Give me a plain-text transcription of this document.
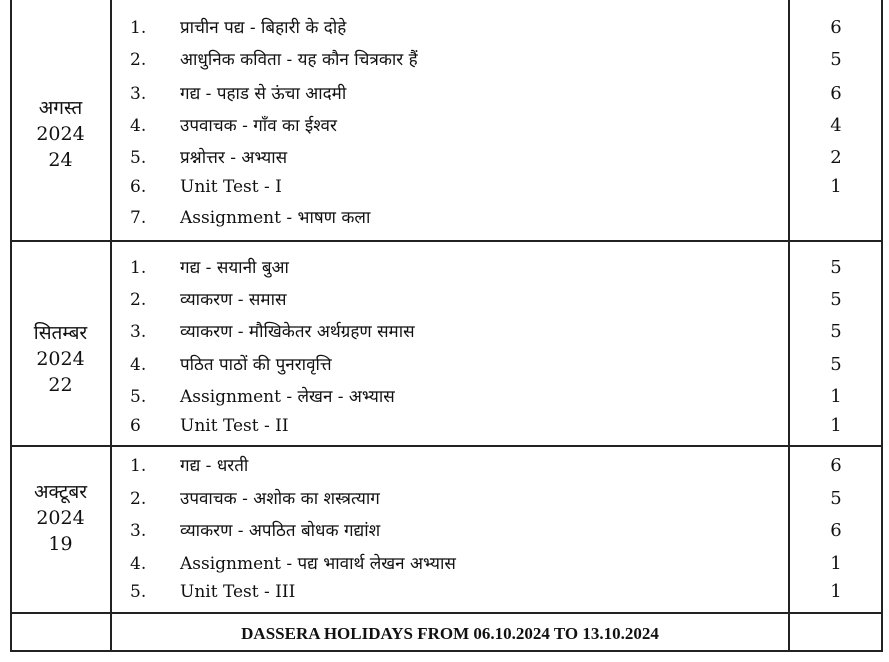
अगस्त
2024
24
1. प्राचीन पद्य - बिहारी के दोहे	6
2. आधुनिक कविता - यह कौन चित्रकार हैं	5
3. गद्य - पहाड से ऊंचा आदमी	6
4. उपवाचक - गाँव का ईश्वर	4
5. प्रश्नोत्तर - अभ्यास	2
6. Unit Test - I	1
7. Assignment - भाषण कला
सितम्बर
2024
22
1. गद्य - सयानी बुआ	5
2. व्याकरण - समास	5
3. व्याकरण - मौखिकेतर अर्थग्रहण समास	5
4. पठित पाठों की पुनरावृत्ति	5
5. Assignment - लेखन - अभ्यास	1
6 Unit Test - II	1
अक्टूबर
2024
19
1. गद्य - धरती	6
2. उपवाचक - अशोक का शस्त्रत्याग	5
3. व्याकरण - अपठित बोधक गद्यांश	6
4. Assignment - पद्य भावार्थ लेखन अभ्यास	1
5. Unit Test - III	1
DASSERA HOLIDAYS FROM 06.10.2024 TO 13.10.2024
